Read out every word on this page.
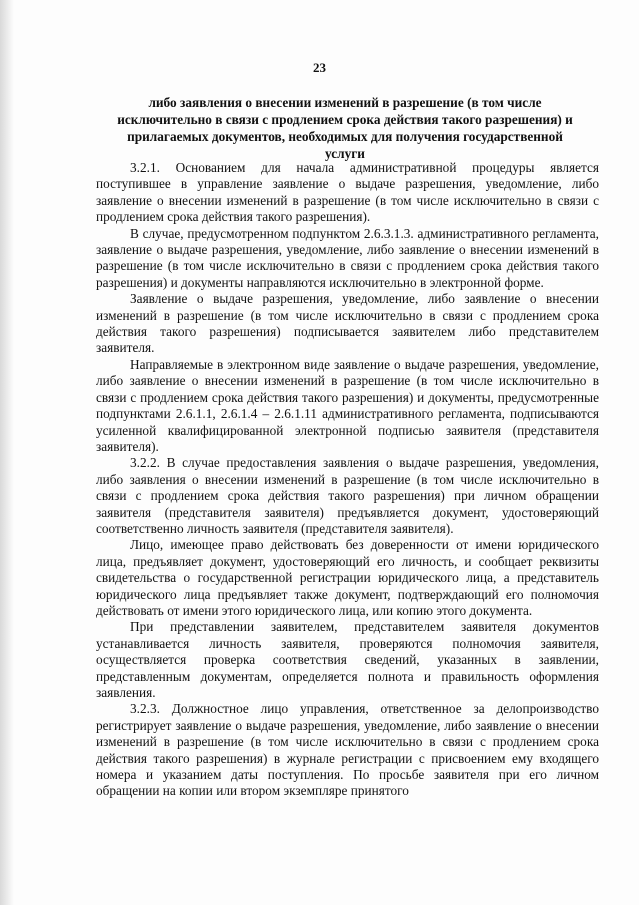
23
либо заявления о внесении изменений в разрешение (в том числе исключительно в связи с продлением срока действия такого разрешения) и прилагаемых документов, необходимых для получения государственной услуги

3.2.1. Основанием для начала административной процедуры является поступившее в управление заявление о выдаче разрешения, уведомление, либо заявление о внесении изменений в разрешение (в том числе исключительно в связи с продлением срока действия такого разрешения).

В случае, предусмотренном подпунктом 2.6.3.1.3. административного регламента, заявление о выдаче разрешения, уведомление, либо заявление о внесении изменений в разрешение (в том числе исключительно в связи с продлением срока действия такого разрешения) и документы направляются исключительно в электронной форме.

Заявление о выдаче разрешения, уведомление, либо заявление о внесении изменений в разрешение (в том числе исключительно в связи с продлением срока действия такого разрешения) подписывается заявителем либо представителем заявителя.

Направляемые в электронном виде заявление о выдаче разрешения, уведомление, либо заявление о внесении изменений в разрешение (в том числе исключительно в связи с продлением срока действия такого разрешения) и документы, предусмотренные подпунктами 2.6.1.1, 2.6.1.4 – 2.6.1.11 административного регламента, подписываются усиленной квалифицированной электронной подписью заявителя (представителя заявителя).

3.2.2. В случае предоставления заявления о выдаче разрешения, уведомления, либо заявления о внесении изменений в разрешение (в том числе исключительно в связи с продлением срока действия такого разрешения) при личном обращении заявителя (представителя заявителя) предъявляется документ, удостоверяющий соответственно личность заявителя (представителя заявителя).

Лицо, имеющее право действовать без доверенности от имени юридического лица, предъявляет документ, удостоверяющий его личность, и сообщает реквизиты свидетельства о государственной регистрации юридического лица, а представитель юридического лица предъявляет также документ, подтверждающий его полномочия действовать от имени этого юридического лица, или копию этого документа.

При представлении заявителем, представителем заявителя документов устанавливается личность заявителя, проверяются полномочия заявителя, осуществляется проверка соответствия сведений, указанных в заявлении, представленным документам, определяется полнота и правильность оформления заявления.

3.2.3. Должностное лицо управления, ответственное за делопроизводство регистрирует заявление о выдаче разрешения, уведомление, либо заявление о внесении изменений в разрешение (в том числе исключительно в связи с продлением срока действия такого разрешения) в журнале регистрации с присвоением ему входящего номера и указанием даты поступления. По просьбе заявителя при его личном обращении на копии или втором экземпляре принятого
